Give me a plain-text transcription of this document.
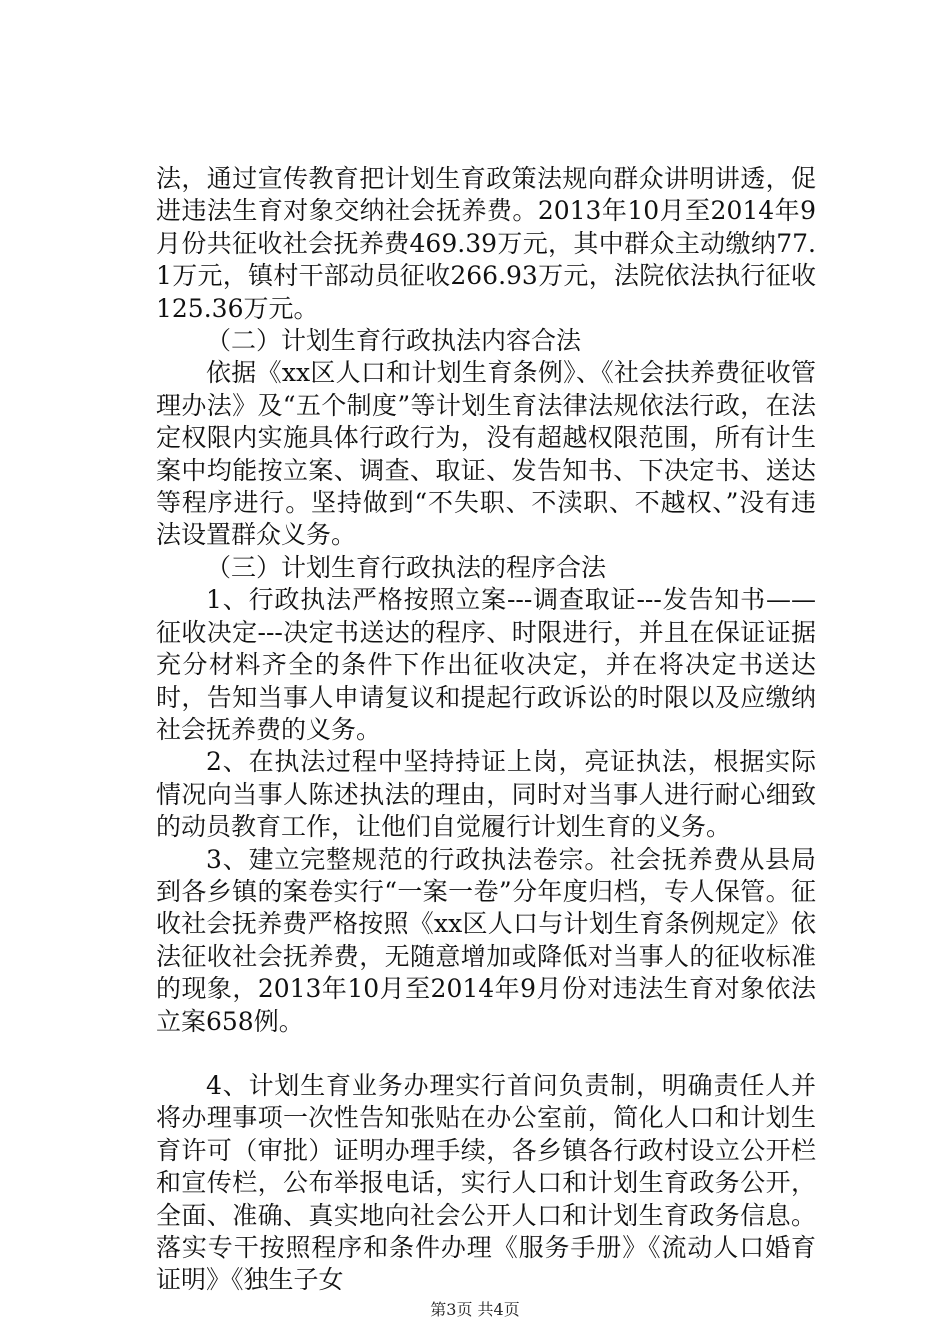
法，通过宣传教育把计划生育政策法规向群众讲明讲透，促进违法生育对象交纳社会抚养费。2013年10月至2014年9月份共征收社会抚养费469.39万元，其中群众主动缴纳77.1万元，镇村干部动员征收266.93万元，法院依法执行征收125.36万元。

（二）计划生育行政执法内容合法

依据《xx区人口和计划生育条例》、《社会扶养费征收管理办法》及“五个制度”等计划生育法律法规依法行政，在法定权限内实施具体行政行为，没有超越权限范围，所有计生案中均能按立案、调查、取证、发告知书、下决定书、送达等程序进行。坚持做到“不失职、不渎职、不越权、”没有违法设置群众义务。

（三）计划生育行政执法的程序合法

1、行政执法严格按照立案---调查取证---发告知书——征收决定---决定书送达的程序、时限进行，并且在保证证据充分材料齐全的条件下作出征收决定，并在将决定书送达时，告知当事人申请复议和提起行政诉讼的时限以及应缴纳社会抚养费的义务。

2、在执法过程中坚持持证上岗，亮证执法，根据实际情况向当事人陈述执法的理由，同时对当事人进行耐心细致的动员教育工作，让他们自觉履行计划生育的义务。

3、建立完整规范的行政执法卷宗。社会抚养费从县局到各乡镇的案卷实行“一案一卷”分年度归档，专人保管。征收社会抚养费严格按照《xx区人口与计划生育条例规定》依法征收社会抚养费，无随意增加或降低对当事人的征收标准的现象，2013年10月至2014年9月份对违法生育对象依法立案658例。

4、计划生育业务办理实行首问负责制，明确责任人并将办理事项一次性告知张贴在办公室前，简化人口和计划生育许可（审批）证明办理手续，各乡镇各行政村设立公开栏和宣传栏，公布举报电话，实行人口和计划生育政务公开，全面、准确、真实地向社会公开人口和计划生育政务信息。落实专干按照程序和条件办理《服务手册》《流动人口婚育证明》《独生子女

第3页 共4页
